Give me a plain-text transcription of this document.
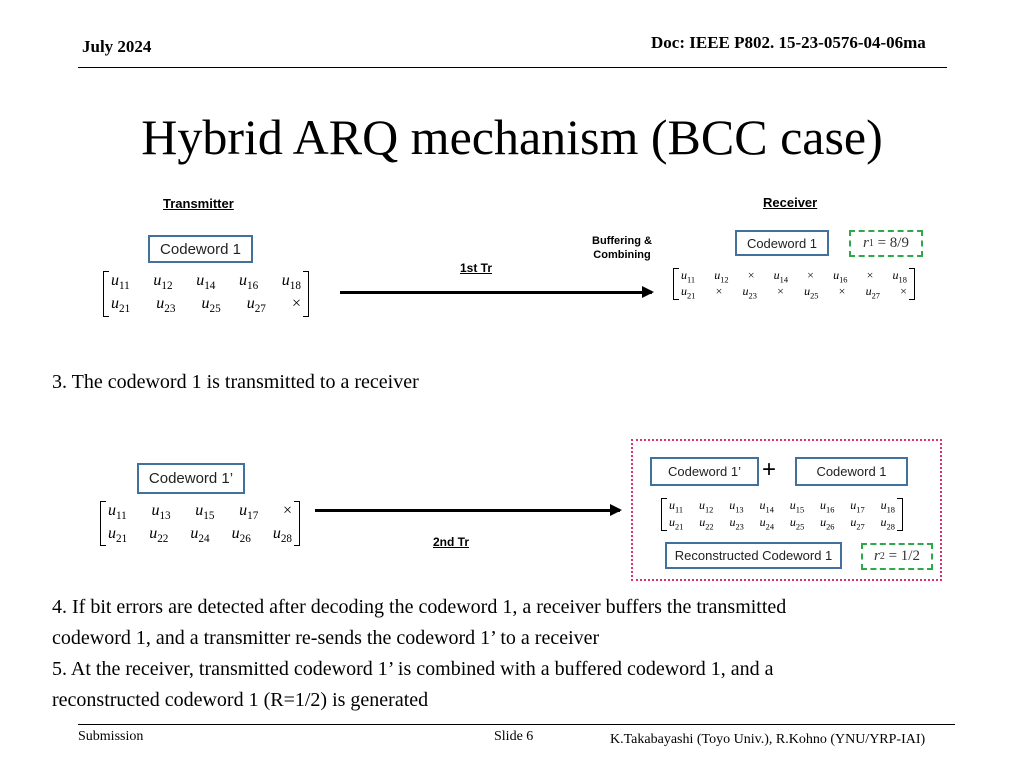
July 2024	Doc: IEEE P802. 15-23-0576-04-06ma
Hybrid ARQ mechanism (BCC case)
Transmitter	Receiver
Codeword 1
$u_{11}$ $u_{12}$ $u_{14}$ $u_{16}$ $u_{18}$
$u_{21}$ $u_{23}$ $u_{25}$ $u_{27}$ ×
1st Tr
Buffering &
Combining
Codeword 1	r 1
= 8/9
$u_{11}$ $u_{12} \times u_{14} \times u_{16} \times u_{18}$
$u_{21} \times u_{23} \times u_{25} \times u_{27}$ ×
3. The codeword 1 is transmitted to a receiver
Codeword 1’
$u_{11}$ $u_{13}$ $u_{15}$ $u_{17}$ ×
$u_{21}$ $u_{22}$ $u_{24}$ $u_{26}$ $u_{28}$	2nd Tr
Codeword 1’ +	Codeword 1
$u_{11}$ $u_{12}$ $u_{13}$ $u_{14}$ $u_{15}$ $u_{16}$ $u_{17}$ $u_{18}$
$u_{21}$ $u_{22}$ $u_{23}$ $u_{24}$ $u_{25}$ $u_{26}$ $u_{27}$ $u_{28}$
Reconstructed Codeword 1	r 2
= 1/2
4. If bit errors are detected after decoding the codeword 1, a receiver buffers the transmitted
codeword 1, and a transmitter re-sends the codeword 1’ to a receiver
5. At the receiver, transmitted codeword 1’ is combined with a buffered codeword 1, and a
reconstructed codeword 1 (R=1/2) is generated
Submission	Slide 6	K.Takabayashi (Toyo Univ.), R.Kohno (YNU/YRP-IAI)
